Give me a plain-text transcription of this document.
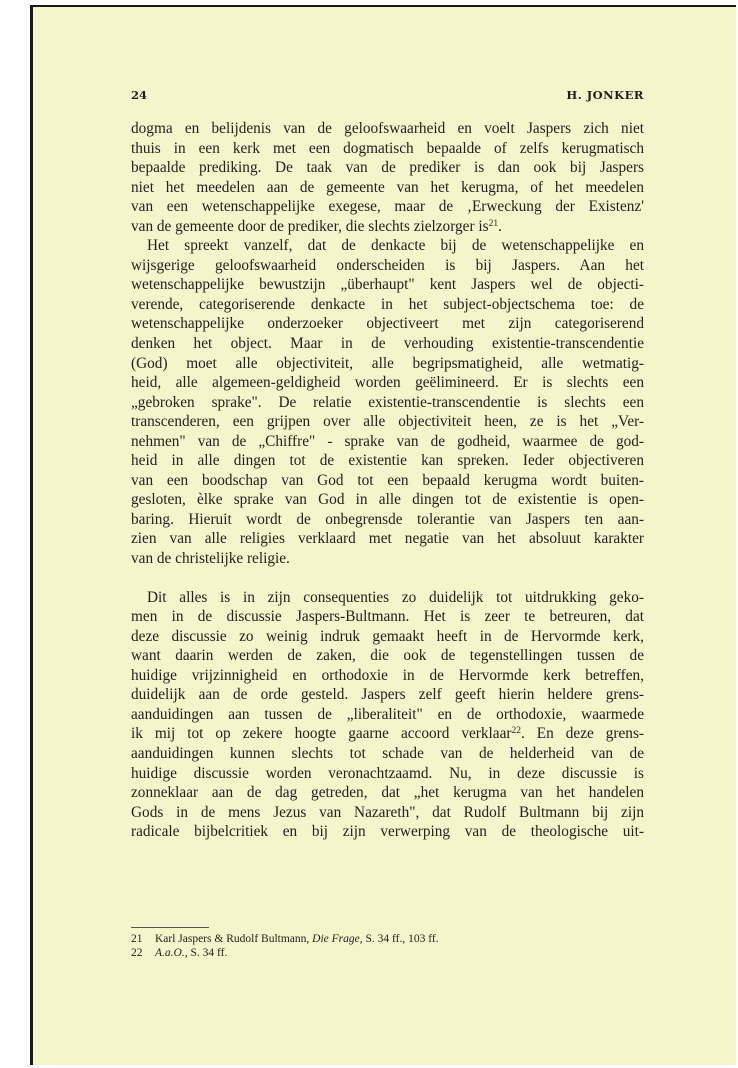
24	H. JONKER
dogma en belijdenis van de geloofswaarheid en voelt Jaspers zich niet
thuis in een kerk met een dogmatisch bepaalde of zelfs kerugmatisch
bepaalde prediking. De taak van de prediker is dan ook bij Jaspers
niet het meedelen aan de gemeente van het kerugma, of het meedelen
van een wetenschappelijke exegese, maar de ‚Erweckung der Existenz'
van de gemeente door de prediker, die slechts zielzorger $is^{21}$.
Het spreekt vanzelf, dat de denkacte bij de wetenschappelijke en
wijsgerige geloofswaarheid onderscheiden is bij Jaspers. Aan het
wetenschappelijke bewustzijn „überhaupt" kent Jaspers wel de objecti-
verende, categoriserende denkacte in het subject-objectschema toe: de
wetenschappelijke onderzoeker objectiveert met zijn categoriserend
denken het object. Maar in de verhouding existentie-transcendentie
(God) moet alle objectiviteit, alle begripsmatigheid, alle wetmatig-
heid, alle algemeen-geldigheid worden geëlimineerd. Er is slechts een
„gebroken sprake". De relatie existentie-transcendentie is slechts een
transcenderen, een grijpen over alle objectiviteit heen, ze is het „Ver-
nehmen" van de „Chiffre" - sprake van de godheid, waarmee de god-
heid in alle dingen tot de existentie kan spreken. Ieder objectiveren
van een boodschap van God tot een bepaald kerugma wordt buiten-
gesloten, èlke sprake van God in alle dingen tot de existentie is open-
baring. Hieruit wordt de onbegrensde tolerantie van Jaspers ten aan-
zien van alle religies verklaard met negatie van het absoluut karakter
van de christelijke religie.
Dit alles is in zijn consequenties zo duidelijk tot uitdrukking geko-
men in de discussie Jaspers-Bultmann. Het is zeer te betreuren, dat
deze discussie zo weinig indruk gemaakt heeft in de Hervormde kerk,
want daarin werden de zaken, die ook de tegenstellingen tussen de
huidige vrijzinnigheid en orthodoxie in de Hervormde kerk betreffen,
duidelijk aan de orde gesteld. Jaspers zelf geeft hierin heldere grens-
aanduidingen aan tussen de „liberaliteit" en de orthodoxie, waarmede
ik mij tot op zekere hoogte gaarne accoord verklaar$^{22}$. En deze grens-
aanduidingen kunnen slechts tot schade van de helderheid van de
huidige discussie worden veronachtzaamd. Nu, in deze discussie is
zonneklaar aan de dag getreden, dat „het kerugma van het handelen
Gods in de mens Jezus van Nazareth", dat Rudolf Bultmann bij zijn
radicale bijbelcritiek en bij zijn verwerping van de theologische uit-
21 Karl Jaspers & Rudolf Bultmann, Die Frage, S. 34 ff., 103 ff.
22 A.a.O., S. 34 ff.
